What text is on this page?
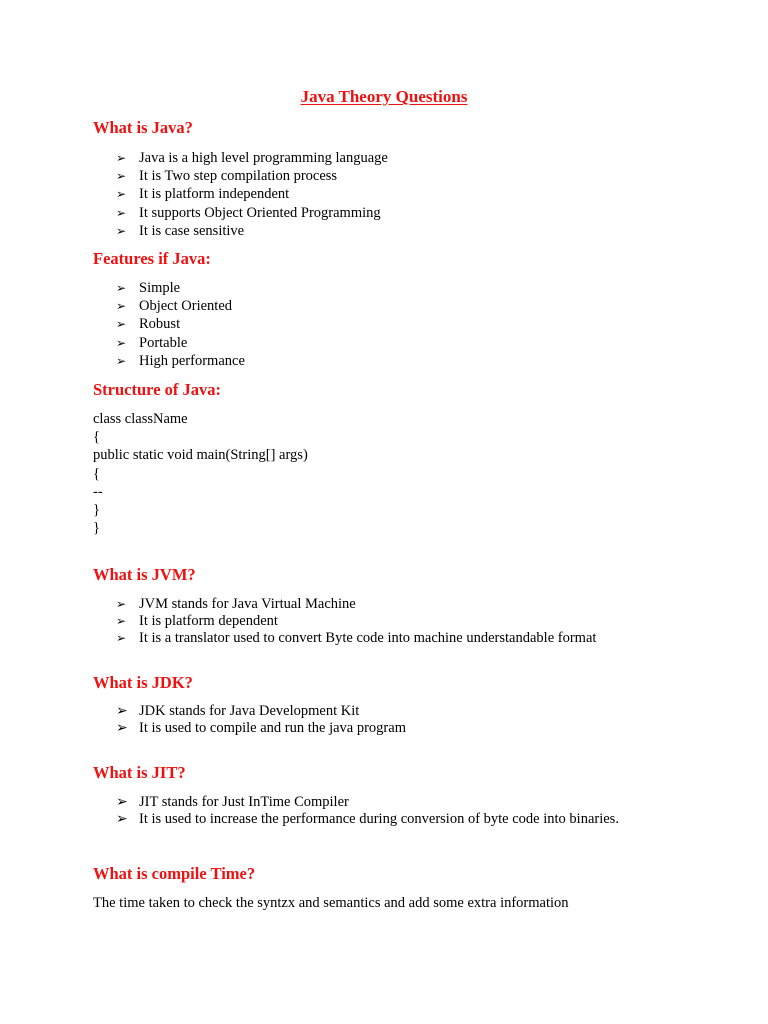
Java Theory Questions
What is Java?
➢ Java is a high level programming language
➢ It is Two step compilation process
➢ It is platform independent
➢ It supports Object Oriented Programming
➢ It is case sensitive
Features if Java:
➢ Simple
➢ Object Oriented
➢ Robust
➢ Portable
➢ High performance
Structure of Java:
class className
{
public static void main(String[] args)
{
--
}
}
What is JVM?
➢ JVM stands for Java Virtual Machine
➢ It is platform dependent
➢ It is a translator used to convert Byte code into machine understandable format
What is JDK?
➢ JDK stands for Java Development Kit
➢ It is used to compile and run the java program
What is JIT?
➢ JIT stands for Just InTime Compiler
➢ It is used to increase the performance during conversion of byte code into binaries.
What is compile Time?

The time taken to check the syntzx and semantics and add some extra information
